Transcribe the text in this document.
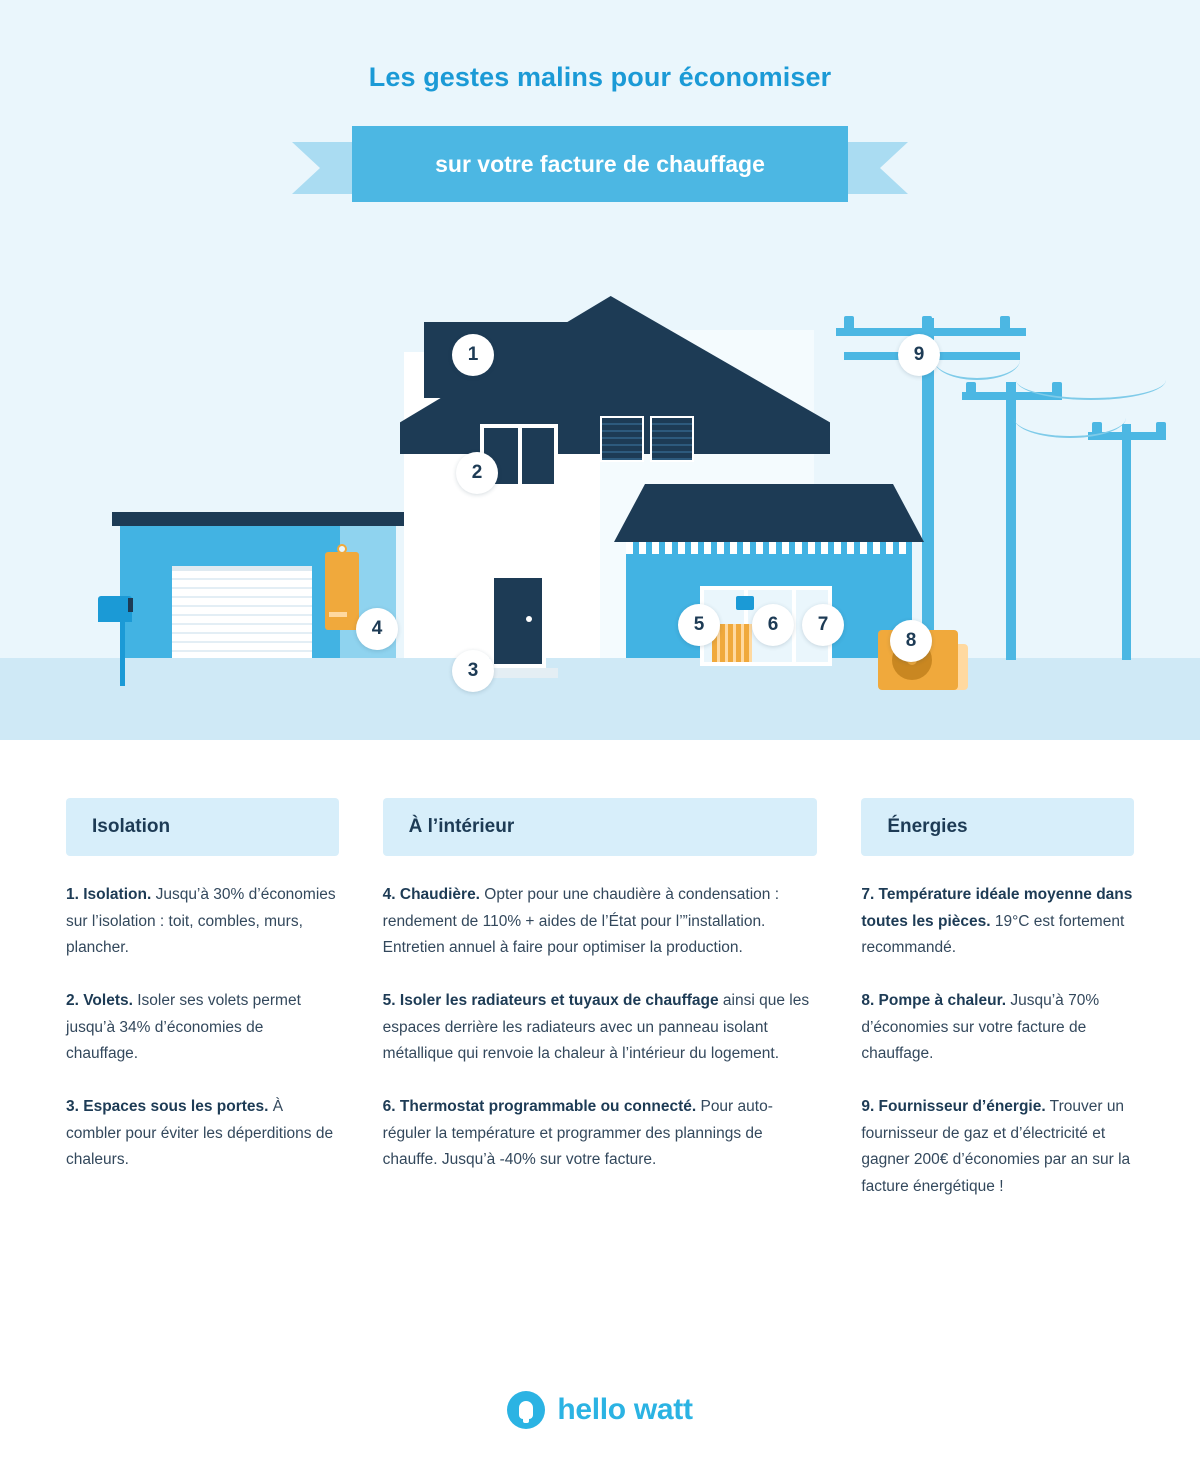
Les gestes malins pour économiser
sur votre facture de chauffage
1
2
3
4	5	6	7
8
9
Isolation
1. Isolation. Jusqu’à 30% d’économies sur l’isolation : toit, combles, murs, plancher.
2. Volets. Isoler ses volets permet jusqu’à 34% d’économies de chauffage.
3. Espaces sous les portes. À combler pour éviter les déperditions de chaleurs.
À l’intérieur
4. Chaudière. Opter pour une chaudière à condensation : rendement de 110% + aides de l’État pour l’”installation. Entretien annuel à faire pour optimiser la production.
5. Isoler les radiateurs et tuyaux de chauffage ainsi que les espaces derrière les radiateurs avec un panneau isolant métallique qui renvoie la chaleur à l’intérieur du logement.
6. Thermostat programmable ou connecté. Pour auto-réguler la température et programmer des plannings de chauffe. Jusqu’à -40% sur votre facture.
Énergies
7. Température idéale moyenne dans toutes les pièces. 19°C est fortement recommandé.
8. Pompe à chaleur. Jusqu’à 70% d’économies sur votre facture de chauffage.
9. Fournisseur d’énergie. Trouver un fournisseur de gaz et d’électricité et gagner 200€ d’économies par an sur la facture énergétique !
hello watt
